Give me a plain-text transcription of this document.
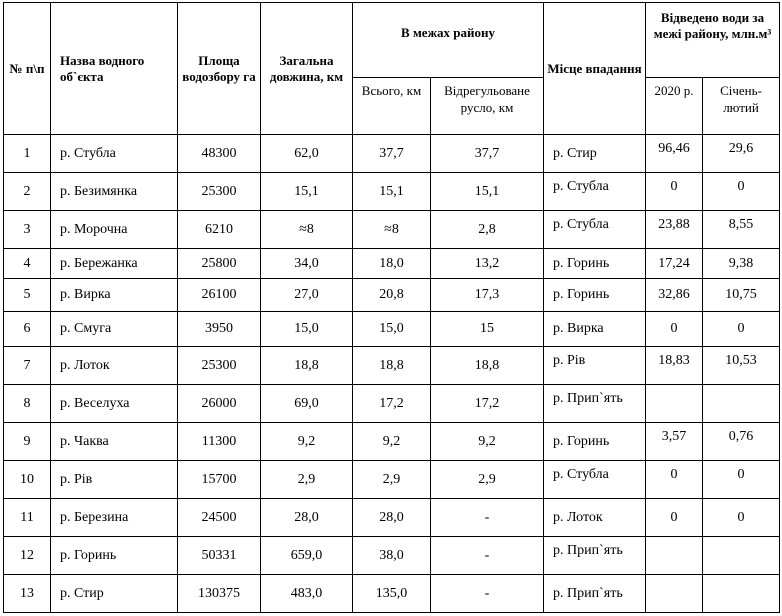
№ п\п	Назва водного об`єкта	Площа водозбору га	Загальна довжина, км	В межах району		Місце впадання	Відведено води за межі району, млн.м³	
				Всього, км	Відрегульоване русло, км		2020 р.	Січень-лютий
1	р. Стубла	48300	62,0	37,7	37,7	р. Стир	96,46	29,6
2	р. Безимянка	25300	15,1	15,1	15,1	р. Стубла	0	0
3	р. Морочна	6210	≈8	≈8	2,8	р. Стубла	23,88	8,55
4	р. Бережанка	25800	34,0	18,0	13,2	р. Горинь	17,24	9,38
5	р. Вирка	26100	27,0	20,8	17,3	р. Горинь	32,86	10,75
6	р. Смуга	3950	15,0	15,0	15	р. Вирка	0	0
7	р. Лоток	25300	18,8	18,8	18,8	р. Рів	18,83	10,53
8	р. Веселуха	26000	69,0	17,2	17,2	р. Прип`ять		
9	р. Чаква	11300	9,2	9,2	9,2	р. Горинь	3,57	0,76
10	р. Рів	15700	2,9	2,9	2,9	р. Стубла	0	0
11	р. Березина	24500	28,0	28,0	-	р. Лоток	0	0
12	р. Горинь	50331	659,0	38,0	-	р. Прип`ять		
13	р. Стир	130375	483,0	135,0	-	р. Прип`ять		
